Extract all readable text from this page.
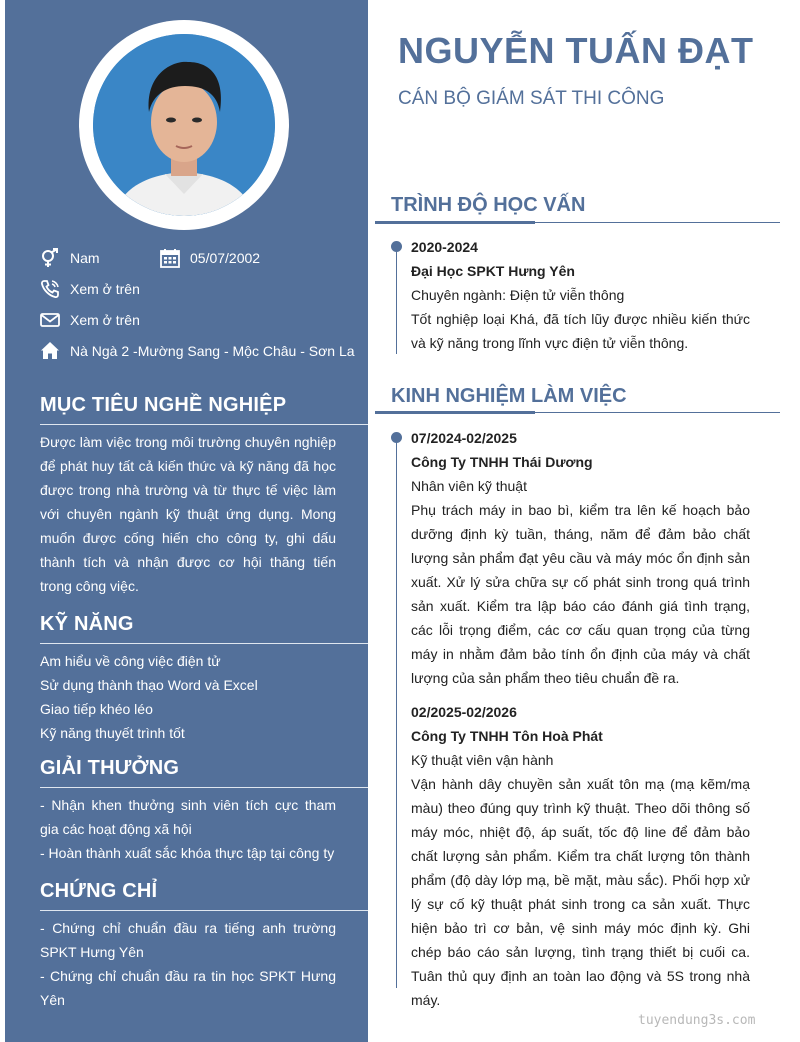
Nam	05/07/2002
Xem ở trên
Xem ở trên
Nà Ngà 2 -Mường Sang - Mộc Châu - Sơn La
MỤC TIÊU NGHỀ NGHIỆP
Được làm việc trong môi trường chuyên nghiệp để phát huy tất cả kiến thức và kỹ năng đã học được trong nhà trường và từ thực tế việc làm với chuyên ngành kỹ thuật ứng dụng. Mong muốn được cống hiến cho công ty, ghi dấu thành tích và nhận được cơ hội thăng tiến trong công việc.
KỸ NĂNG
Am hiểu về công việc điện tử
Sử dụng thành thạo Word và Excel
Giao tiếp khéo léo
Kỹ năng thuyết trình tốt
GIẢI THƯỞNG
- Nhận khen thưởng sinh viên tích cực tham gia các hoạt động xã hội
- Hoàn thành xuất sắc khóa thực tập tại công ty
CHỨNG CHỈ
- Chứng chỉ chuẩn đầu ra tiếng anh trường SPKT Hưng Yên
- Chứng chỉ chuẩn đầu ra tin học SPKT Hưng Yên
NGUYỄN TUẤN ĐẠT
CÁN BỘ GIÁM SÁT THI CÔNG
TRÌNH ĐỘ HỌC VẤN
2020-2024
Đại Học SPKT Hưng Yên
Chuyên ngành: Điện tử viễn thông
Tốt nghiệp loại Khá, đã tích lũy được nhiều kiến thức và kỹ năng trong lĩnh vực điện tử viễn thông.
KINH NGHIỆM LÀM VIỆC
07/2024-02/2025
Công Ty TNHH Thái Dương
Nhân viên kỹ thuật
Phụ trách máy in bao bì, kiểm tra lên kế hoạch bảo dưỡng định kỳ tuần, tháng, năm để đảm bảo chất lượng sản phẩm đạt yêu cầu và máy móc ổn định sản xuất. Xử lý sửa chữa sự cố phát sinh trong quá trình sản xuất. Kiểm tra lập báo cáo đánh giá tình trạng, các lỗi trọng điểm, các cơ cấu quan trọng của từng máy in nhằm đảm bảo tính ổn định của máy và chất lượng của sản phẩm theo tiêu chuẩn đề ra.
02/2025-02/2026
Công Ty TNHH Tôn Hoà Phát
Kỹ thuật viên vận hành
Vận hành dây chuyền sản xuất tôn mạ (mạ kẽm/mạ màu) theo đúng quy trình kỹ thuật. Theo dõi thông số máy móc, nhiệt độ, áp suất, tốc độ line để đảm bảo chất lượng sản phẩm. Kiểm tra chất lượng tôn thành phẩm (độ dày lớp mạ, bề mặt, màu sắc). Phối hợp xử lý sự cố kỹ thuật phát sinh trong ca sản xuất. Thực hiện bảo trì cơ bản, vệ sinh máy móc định kỳ. Ghi chép báo cáo sản lượng, tình trạng thiết bị cuối ca. Tuân thủ quy định an toàn lao động và 5S trong nhà máy.
tuyendung3s.com
